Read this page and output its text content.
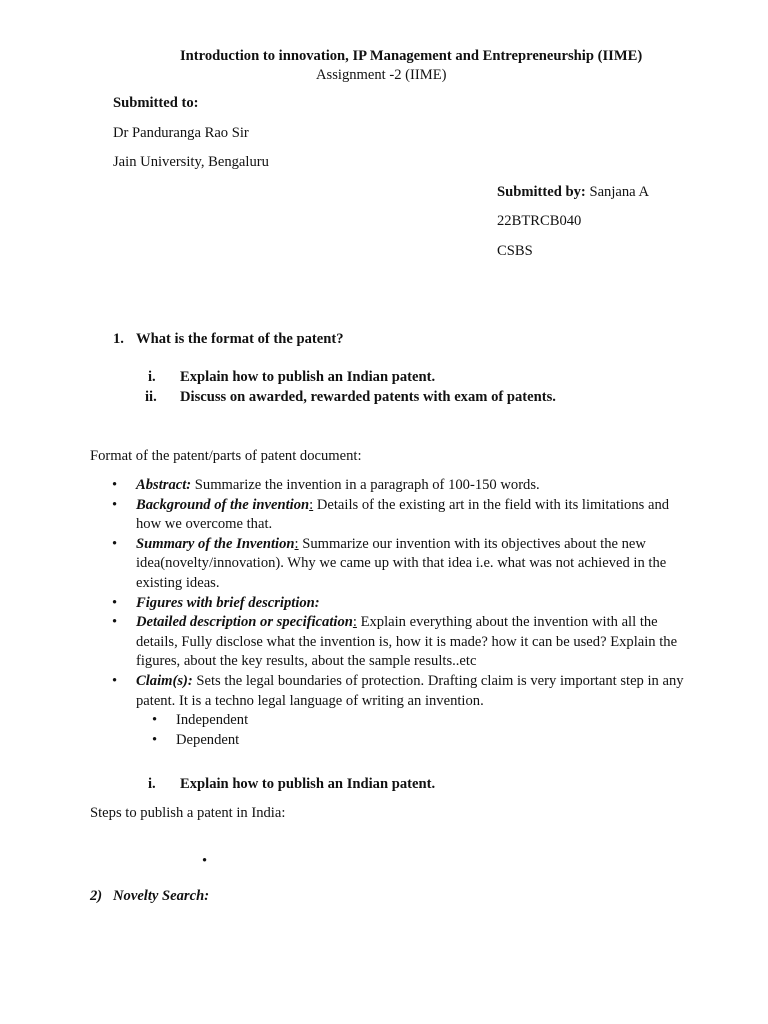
Introduction to innovation, IP Management and Entrepreneurship (IIME)
Assignment -2 (IIME)
Submitted to:
Dr Panduranga Rao Sir
Jain University, Bengaluru
Submitted by: Sanjana A
22BTRCB040
CSBS
1. What is the format of the patent?
i. Explain how to publish an Indian patent.
ii. Discuss on awarded, rewarded patents with exam of patents.
Format of the patent/parts of patent document:
• Abstract: Summarize the invention in a paragraph of 100-150 words.
• Background of the invention: Details of the existing art in the field with its limitations and how we overcome that.
• Summary of the Invention: Summarize our invention with its objectives about the new idea(novelty/innovation). Why we came up with that idea i.e. what was not achieved in the existing ideas.
• Figures with brief description:
• Detailed description or specification: Explain everything about the invention with all the details, Fully disclose what the invention is, how it is made? how it can be used? Explain the figures, about the key results, about the sample results..etc
• Claim(s): Sets the legal boundaries of protection. Drafting claim is very important step in any patent. It is a techno legal language of writing an invention.
• Independent
• Dependent
i. Explain how to publish an Indian patent.
Steps to publish a patent in India:
•
2) Novelty Search:
